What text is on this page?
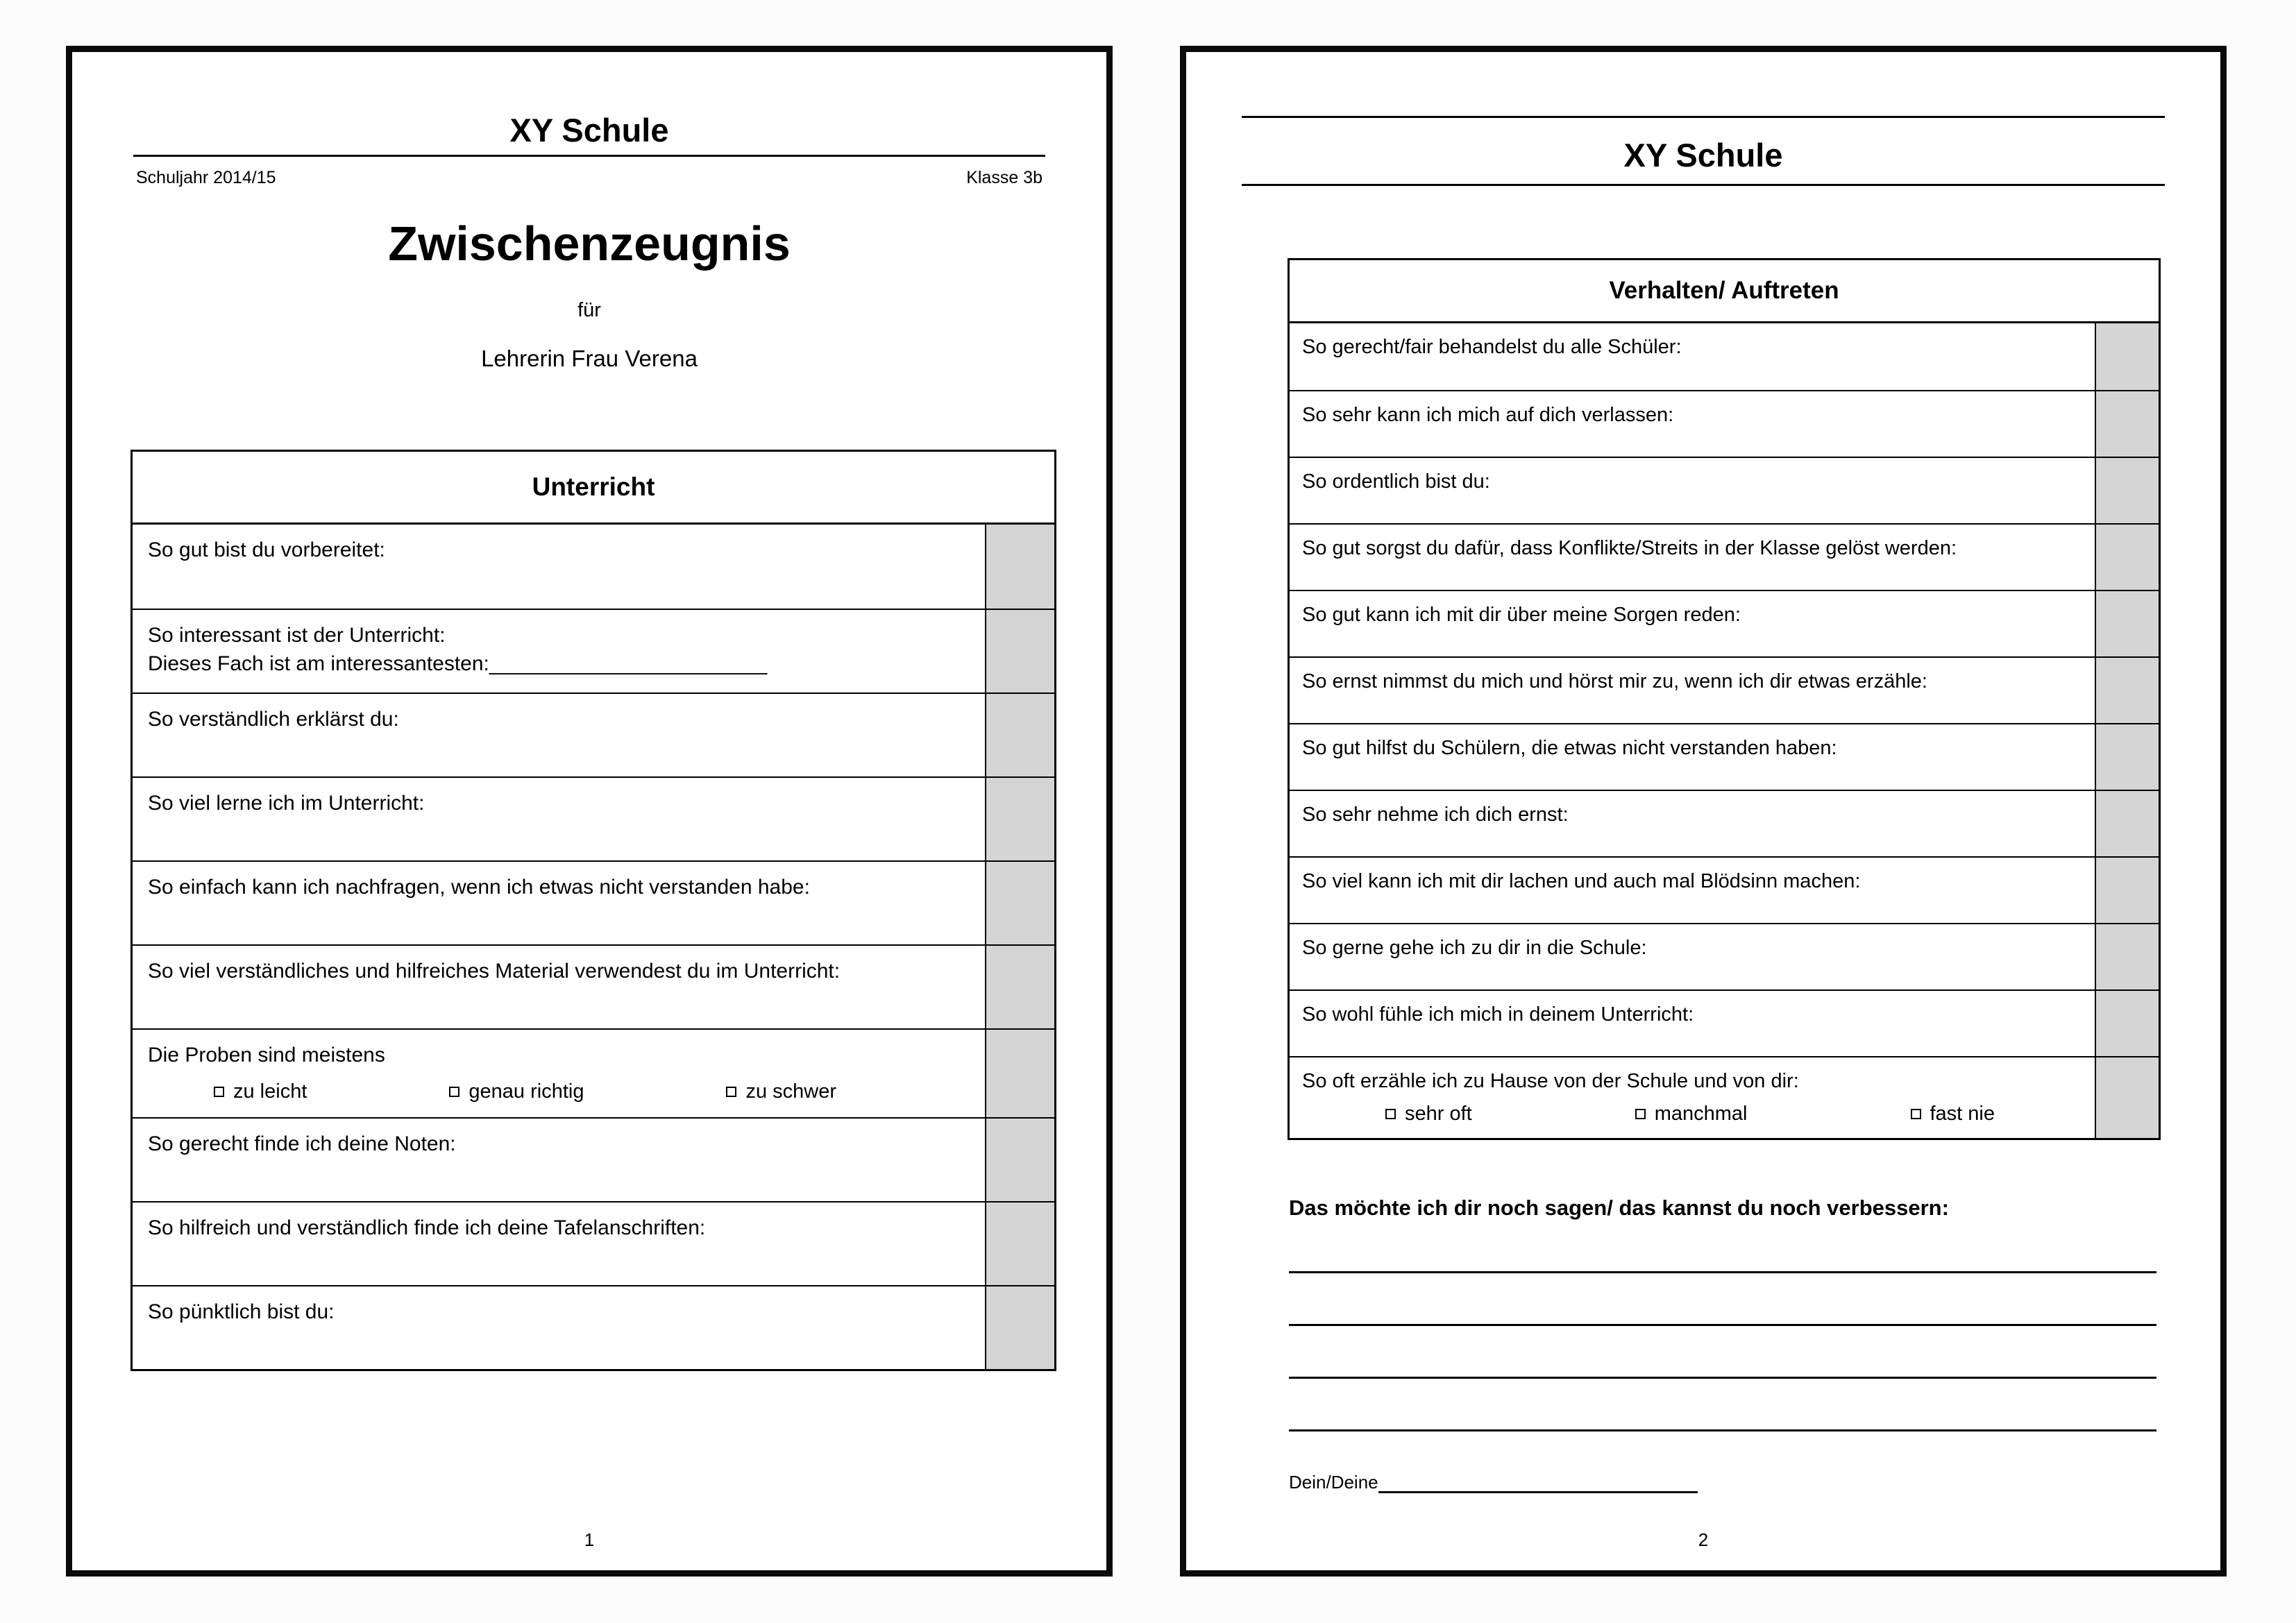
XY Schule
Schuljahr 2014/15	Klasse 3b
Zwischenzeugnis
für
Lehrerin Frau Verena
Unterricht
So gut bist du vorbereitet:
So interessant ist der Unterricht:
Dieses Fach ist am interessantesten:________________________
So verständlich erklärst du:
So viel lerne ich im Unterricht:
So einfach kann ich nachfragen, wenn ich etwas nicht verstanden habe:
So viel verständliches und hilfreiches Material verwendest du im Unterricht:
Die Proben sind meistens
zu leicht	genau richtig	zu schwer
So gerecht finde ich deine Noten:
So hilfreich und verständlich finde ich deine Tafelanschriften:
So pünktlich bist du:
1
XY Schule
Verhalten/ Auftreten
So gerecht/fair behandelst du alle Schüler:
So sehr kann ich mich auf dich verlassen:
So ordentlich bist du:
So gut sorgst du dafür, dass Konflikte/Streits in der Klasse gelöst werden:
So gut kann ich mit dir über meine Sorgen reden:
So ernst nimmst du mich und hörst mir zu, wenn ich dir etwas erzähle:
So gut hilfst du Schülern, die etwas nicht verstanden haben:
So sehr nehme ich dich ernst:
So viel kann ich mit dir lachen und auch mal Blödsinn machen:
So gerne gehe ich zu dir in die Schule:
So wohl fühle ich mich in deinem Unterricht:
So oft erzähle ich zu Hause von der Schule und von dir:
sehr oft	manchmal	fast nie
Das möchte ich dir noch sagen/ das kannst du noch verbessern:
Dein/Deine
2
